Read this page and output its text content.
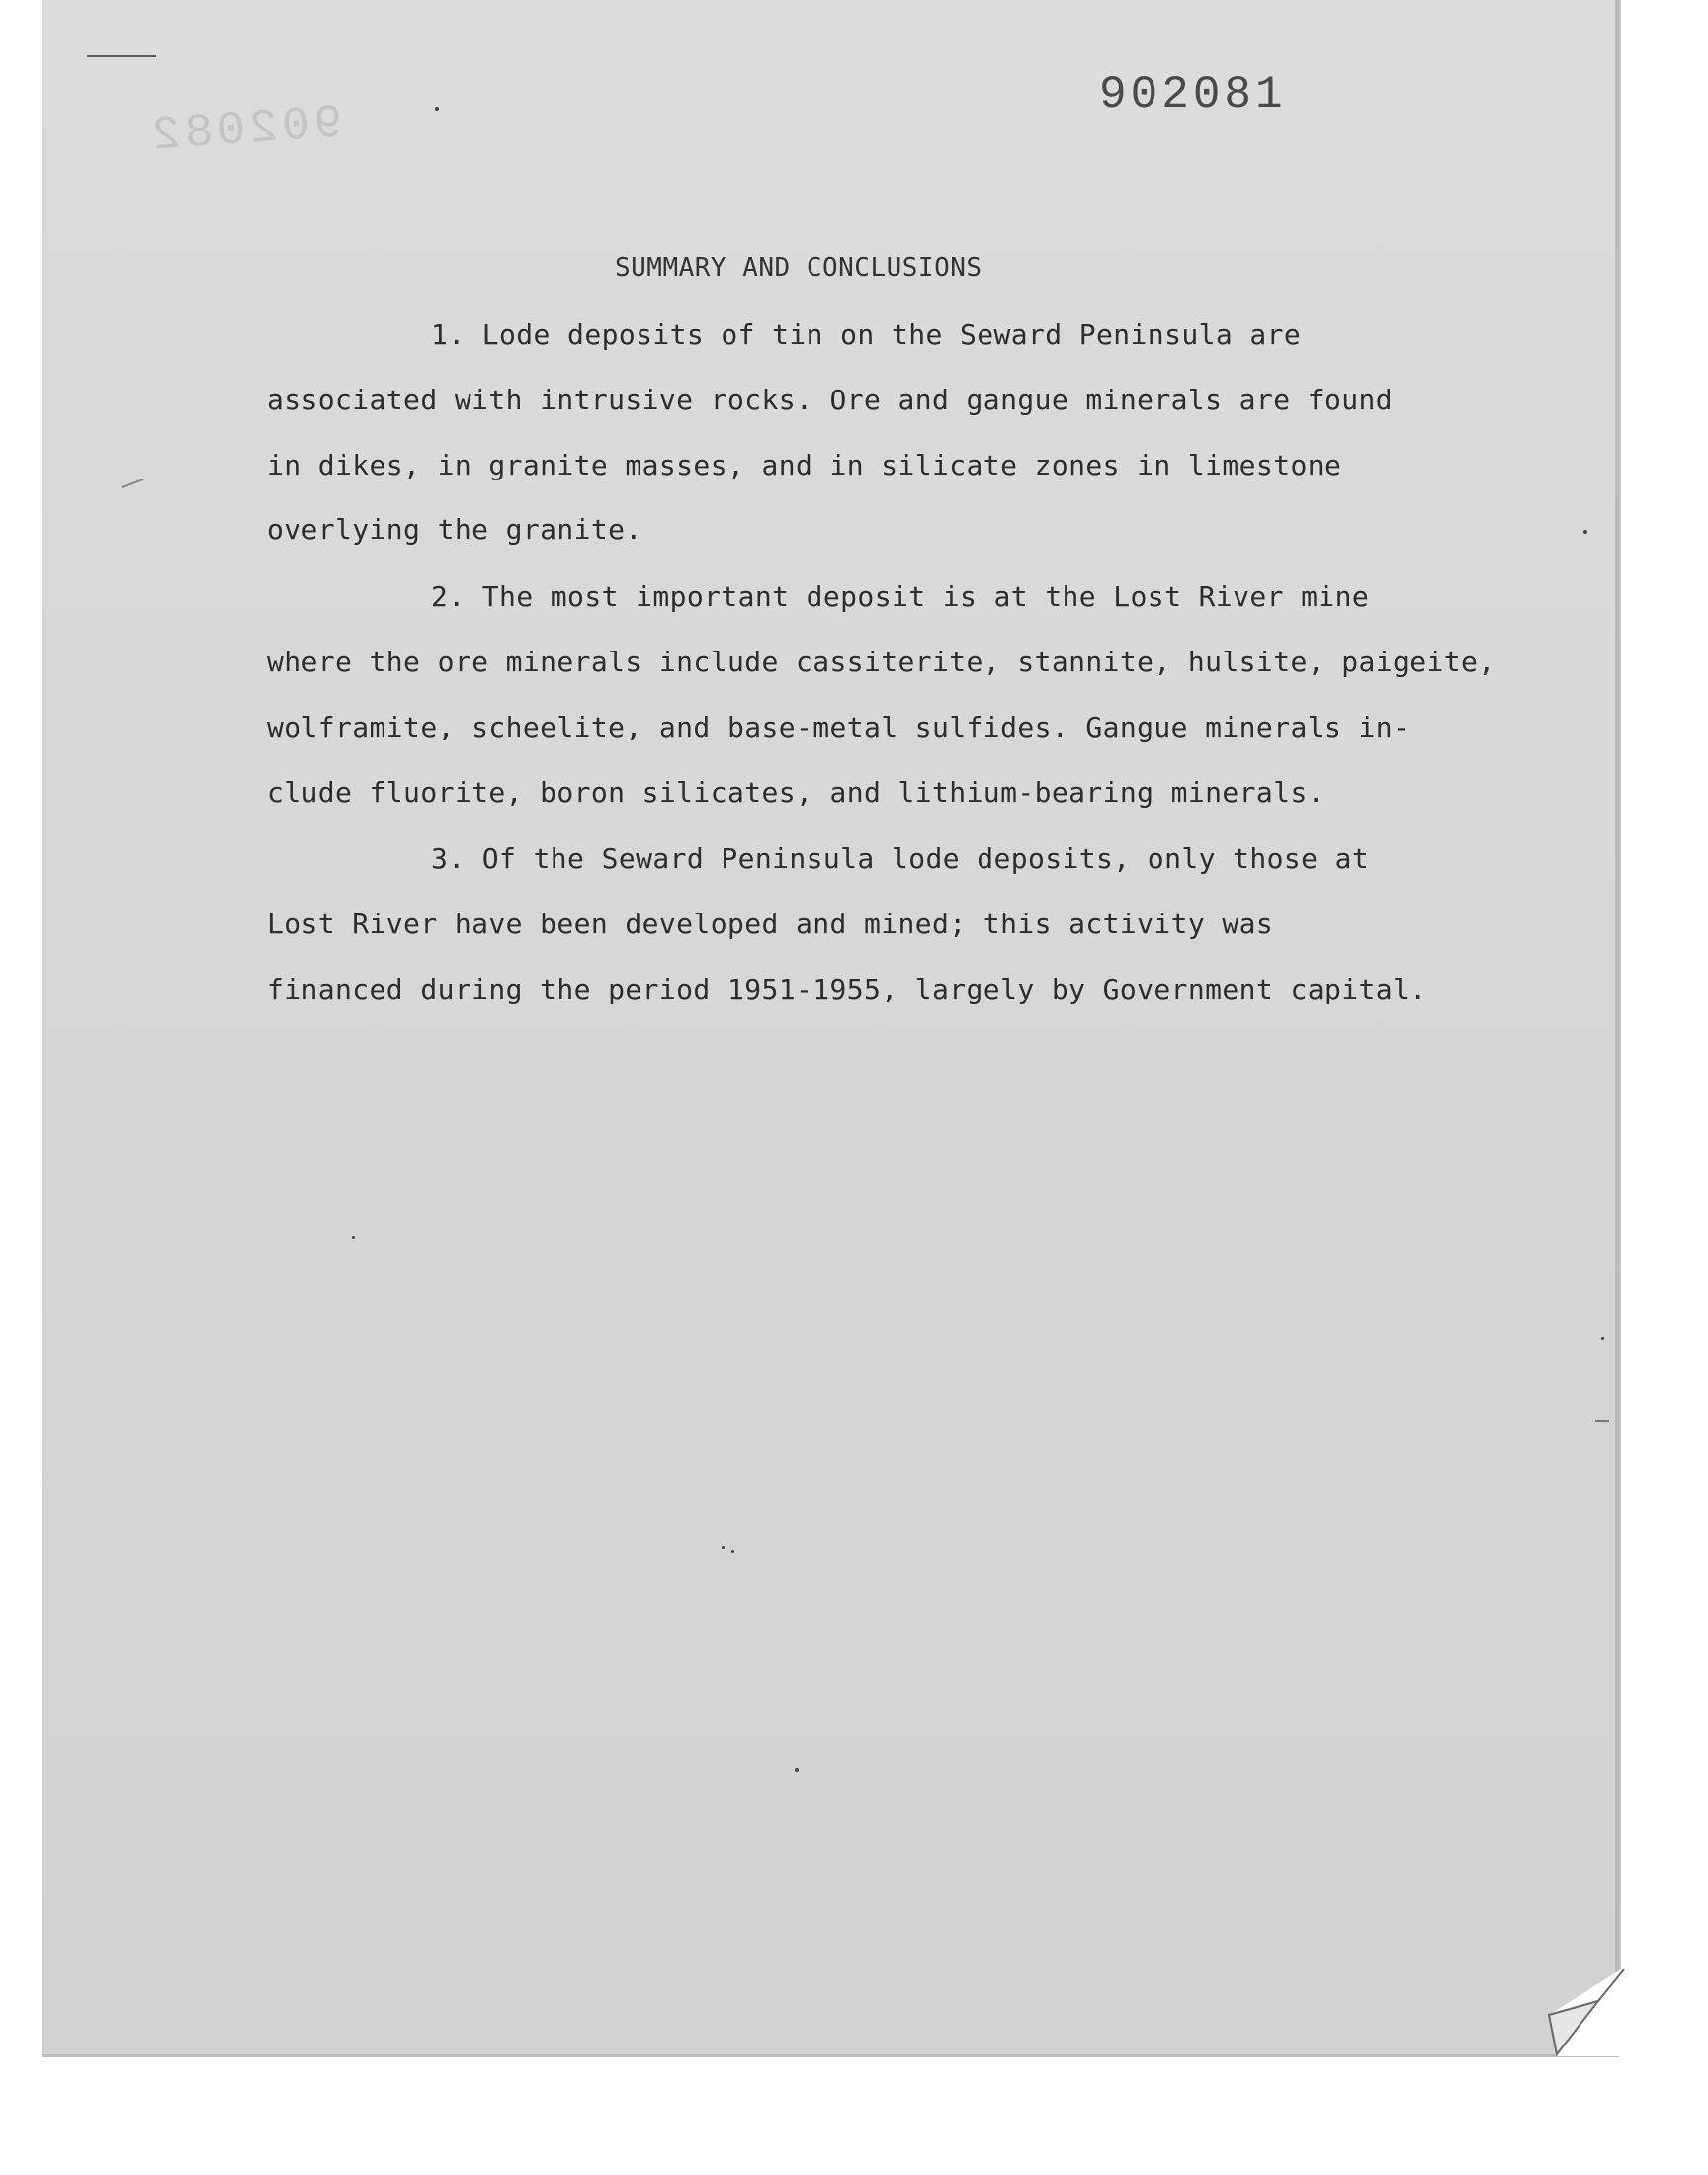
902082
902081
SUMMARY AND CONCLUSIONS
1. Lode deposits of tin on the Seward Peninsula are
associated with intrusive rocks. Ore and gangue minerals are found
in dikes, in granite masses, and in silicate zones in limestone
overlying the granite.
2. The most important deposit is at the Lost River mine
where the ore minerals include cassiterite, stannite, hulsite, paigeite,
wolframite, scheelite, and base-metal sulfides. Gangue minerals in-
clude fluorite, boron silicates, and lithium-bearing minerals.
3. Of the Seward Peninsula lode deposits, only those at
Lost River have been developed and mined; this activity was
financed during the period 1951-1955, largely by Government capital.
